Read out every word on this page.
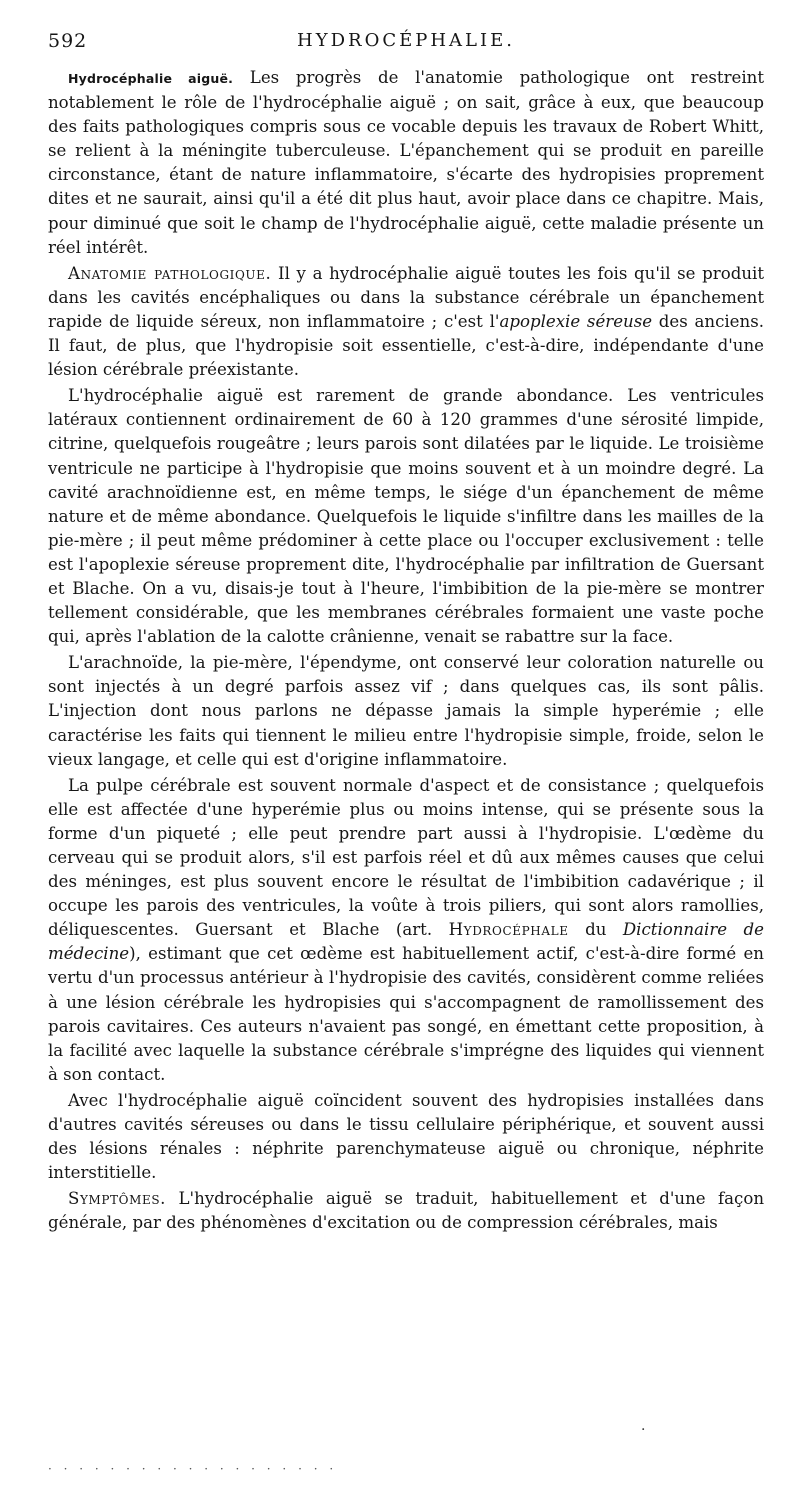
592	HYDROCÉPHALIE.

Hydrocéphalie aiguë. Les progrès de l'anatomie pathologique ont restreint notablement le rôle de l'hydrocéphalie aiguë ; on sait, grâce à eux, que beaucoup des faits pathologiques compris sous ce vocable depuis les travaux de Robert Whitt, se relient à la méningite tuberculeuse. L'épanchement qui se produit en pareille circonstance, étant de nature inflammatoire, s'écarte des hydropisies proprement dites et ne saurait, ainsi qu'il a été dit plus haut, avoir place dans ce chapitre. Mais, pour diminué que soit le champ de l'hydrocéphalie aiguë, cette maladie présente un réel intérêt.

Anatomie pathologique. Il y a hydrocéphalie aiguë toutes les fois qu'il se produit dans les cavités encéphaliques ou dans la substance cérébrale un épanchement rapide de liquide séreux, non inflammatoire ; c'est l'apoplexie séreuse des anciens. Il faut, de plus, que l'hydropisie soit essentielle, c'est-à-dire, indépendante d'une lésion cérébrale préexistante.

L'hydrocéphalie aiguë est rarement de grande abondance. Les ventricules latéraux contiennent ordinairement de 60 à 120 grammes d'une sérosité limpide, citrine, quelquefois rougeâtre ; leurs parois sont dilatées par le liquide. Le troisième ventricule ne participe à l'hydropisie que moins souvent et à un moindre degré. La cavité arachnoïdienne est, en même temps, le siége d'un épanchement de même nature et de même abondance. Quelquefois le liquide s'infiltre dans les mailles de la pie-mère ; il peut même prédominer à cette place ou l'occuper exclusivement : telle est l'apoplexie séreuse proprement dite, l'hydrocéphalie par infiltration de Guersant et Blache. On a vu, disais-je tout à l'heure, l'imbibition de la pie-mère se montrer tellement considérable, que les membranes cérébrales formaient une vaste poche qui, après l'ablation de la calotte crânienne, venait se rabattre sur la face.

L'arachnoïde, la pie-mère, l'épendyme, ont conservé leur coloration naturelle ou sont injectés à un degré parfois assez vif ; dans quelques cas, ils sont pâlis. L'injection dont nous parlons ne dépasse jamais la simple hyperémie ; elle caractérise les faits qui tiennent le milieu entre l'hydropisie simple, froide, selon le vieux langage, et celle qui est d'origine inflammatoire.

La pulpe cérébrale est souvent normale d'aspect et de consistance ; quelquefois elle est affectée d'une hyperémie plus ou moins intense, qui se présente sous la forme d'un piqueté ; elle peut prendre part aussi à l'hydropisie. L'œdème du cerveau qui se produit alors, s'il est parfois réel et dû aux mêmes causes que celui des méninges, est plus souvent encore le résultat de l'imbibition cadavérique ; il occupe les parois des ventricules, la voûte à trois piliers, qui sont alors ramollies, déliquescentes. Guersant et Blache (art. Hydrocéphale du Dictionnaire de médecine), estimant que cet œdème est habituellement actif, c'est-à-dire formé en vertu d'un processus antérieur à l'hydropisie des cavités, considèrent comme reliées à une lésion cérébrale les hydropisies qui s'accompagnent de ramollissement des parois cavitaires. Ces auteurs n'avaient pas songé, en émettant cette proposition, à la facilité avec laquelle la substance cérébrale s'imprégne des liquides qui viennent à son contact.

Avec l'hydrocéphalie aiguë coïncident souvent des hydropisies installées dans d'autres cavités séreuses ou dans le tissu cellulaire périphérique, et souvent aussi des lésions rénales : néphrite parenchymateuse aiguë ou chronique, néphrite interstitielle.

Symptômes. L'hydrocéphalie aiguë se traduit, habituellement et d'une façon générale, par des phénomènes d'excitation ou de compression cérébrales, mais

·
· · · · · · · · · · · · · · · · · · ·
